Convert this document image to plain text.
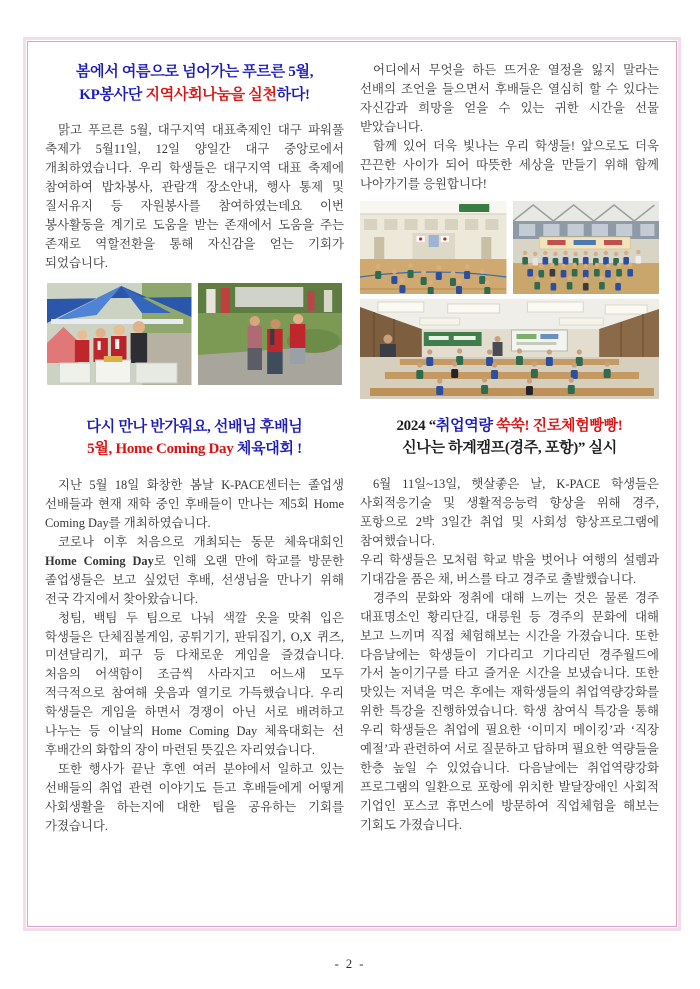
봄에서 여름으로 넘어가는 푸르른 5월,
KP봉사단 지역사회나눔을 실천하다!

맑고 푸르른 5월, 대구지역 대표축제인 대구 파워풀 축제가 5월11일, 12일 양일간 대구 중앙로에서 개최하였습니다. 우리 학생들은 대구지역 대표 축제에 참여하여 밥차봉사, 관람객 장소안내, 행사 통제 및 질서유지 등 자원봉사를 참여하였는데요 이번 봉사활동을 계기로 도움을 받는 존재에서 도움을 주는 존재로 역할전환을 통해 자신감을 얻는 기회가 되었습니다.

다시 만나 반가워요, 선배님 후배님
5월, Home Coming Day 체육대회 !

지난 5월 18일 화창한 봄날 K-PACE센터는 졸업생 선배들과 현재 재학 중인 후배들이 만나는 제5회 Home Coming Day를 개최하였습니다.

코로나 이후 처음으로 개최되는 동문 체육대회인 Home Coming Day로 인해 오랜 만에 학교를 방문한 졸업생들은 보고 싶었던 후배, 선생님을 만나기 위해 전국 각지에서 찾아왔습니다.

청팀, 백팀 두 팀으로 나눠 색깔 옷을 맞춰 입은 학생들은 단체짐볼게임, 공튀기기, 판뒤집기, O,X 퀴즈, 미션달리기, 피구 등 다채로운 게임을 즐겼습니다. 처음의 어색함이 조금씩 사라지고 어느새 모두 적극적으로 참여해 웃음과 열기로 가득했습니다. 우리 학생들은 게임을 하면서 경쟁이 아닌 서로 배려하고 나누는 등 이날의 Home Coming Day 체육대회는 선 후배간의 화합의 장이 마련된 뜻깊은 자리였습니다.

또한 행사가 끝난 후엔 여러 분야에서 일하고 있는 선배들의 취업 관련 이야기도 듣고 후배들에게 어떻게 사회생활을 하는지에 대한 팁을 공유하는 기회를 가졌습니다.

어디에서 무엇을 하든 뜨거운 열정을 잃지 말라는 선배의 조언을 들으면서 후배들은 열심히 할 수 있다는 자신감과 희망을 얻을 수 있는 귀한 시간을 선물 받았습니다.

함께 있어 더욱 빛나는 우리 학생들! 앞으로도 더욱 끈끈한 사이가 되어 따뜻한 세상을 만들기 위해 함께 나아가기를 응원합니다!

2024 “취업역량 쑥쑥! 진로체험빵빵!
신나는 하계캠프(경주, 포항)” 실시

6월 11일~13일, 햇살좋은 날, K-PACE 학생들은 사회적응기술 및 생활적응능력 향상을 위해 경주, 포항으로 2박 3일간 취업 및 사회성 향상프로그램에 참여했습니다.

우리 학생들은 모처럼 학교 밖을 벗어나 여행의 설렘과 기대감을 품은 채, 버스를 타고 경주로 출발했습니다.

경주의 문화와 정취에 대해 느끼는 것은 물론 경주 대표명소인 황리단길, 대릉원 등 경주의 문화에 대해 보고 느끼며 직접 체험해보는 시간을 가졌습니다. 또한 다음날에는 학생들이 기다리고 기다리던 경주월드에 가서 놀이기구를 타고 즐거운 시간을 보냈습니다. 또한 맛있는 저녁을 먹은 후에는 재학생들의 취업역량강화를 위한 특강을 진행하였습니다. 학생 참여식 특강을 통해 우리 학생들은 취업에 필요한 ‘이미지 메이킹’과 ‘직장 예절’과 관련하여 서로 질문하고 답하며 필요한 역량들을 한층 높일 수 있었습니다. 다음날에는 취업역량강화 프로그램의 일환으로 포항에 위치한 발달장애인 사회적 기업인 포스코 휴먼스에 방문하여 직업체험을 해보는 기회도 가졌습니다.

- 2 -
